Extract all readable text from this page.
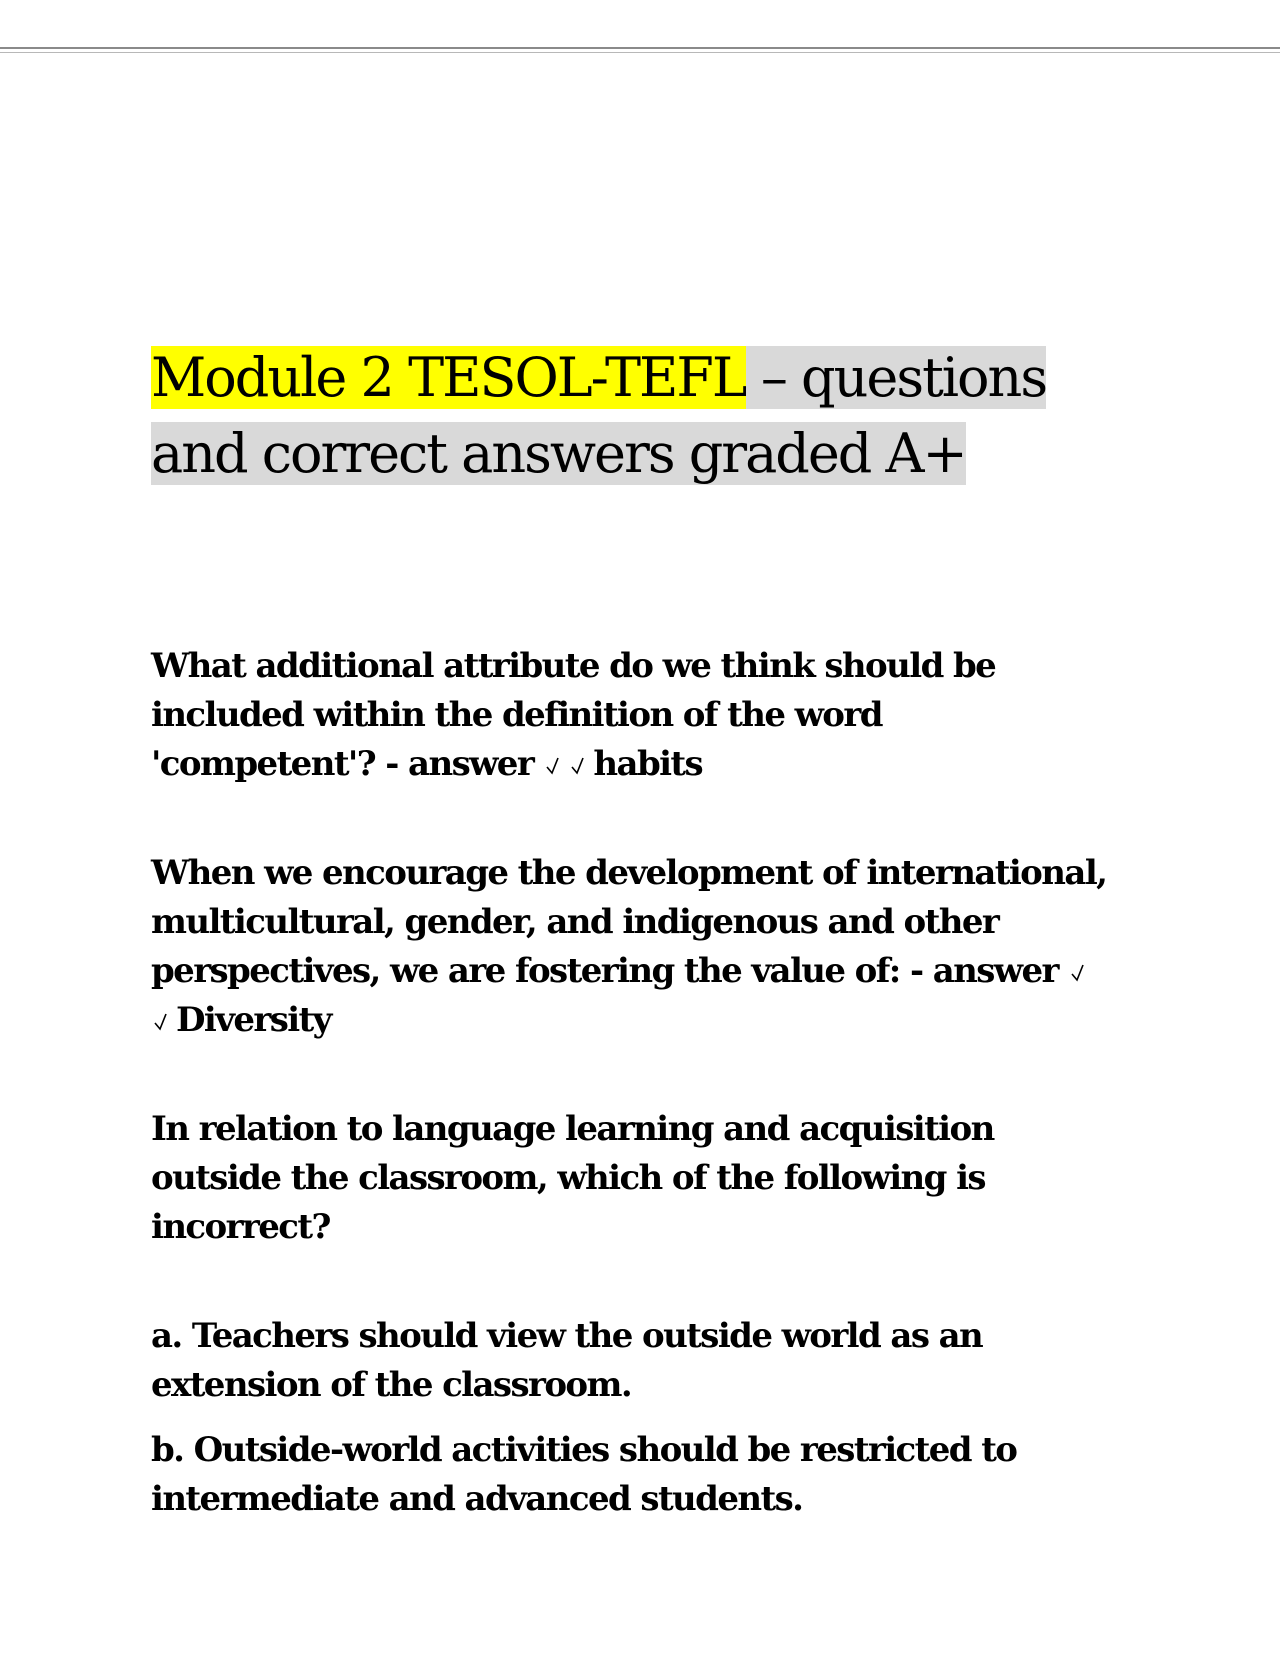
Module 2 TESOL-TEFL – questions and correct answers graded A+

What additional attribute do we think should be included within the definition of the word 'competent'? - answer habits

When we encourage the development of international, multicultural, gender, and indigenous and other perspectives, we are fostering the value of: - answer Diversity

In relation to language learning and acquisition outside the classroom, which of the following is incorrect?

a. Teachers should view the outside world as an extension of the classroom.

b. Outside-world activities should be restricted to intermediate and advanced students.
